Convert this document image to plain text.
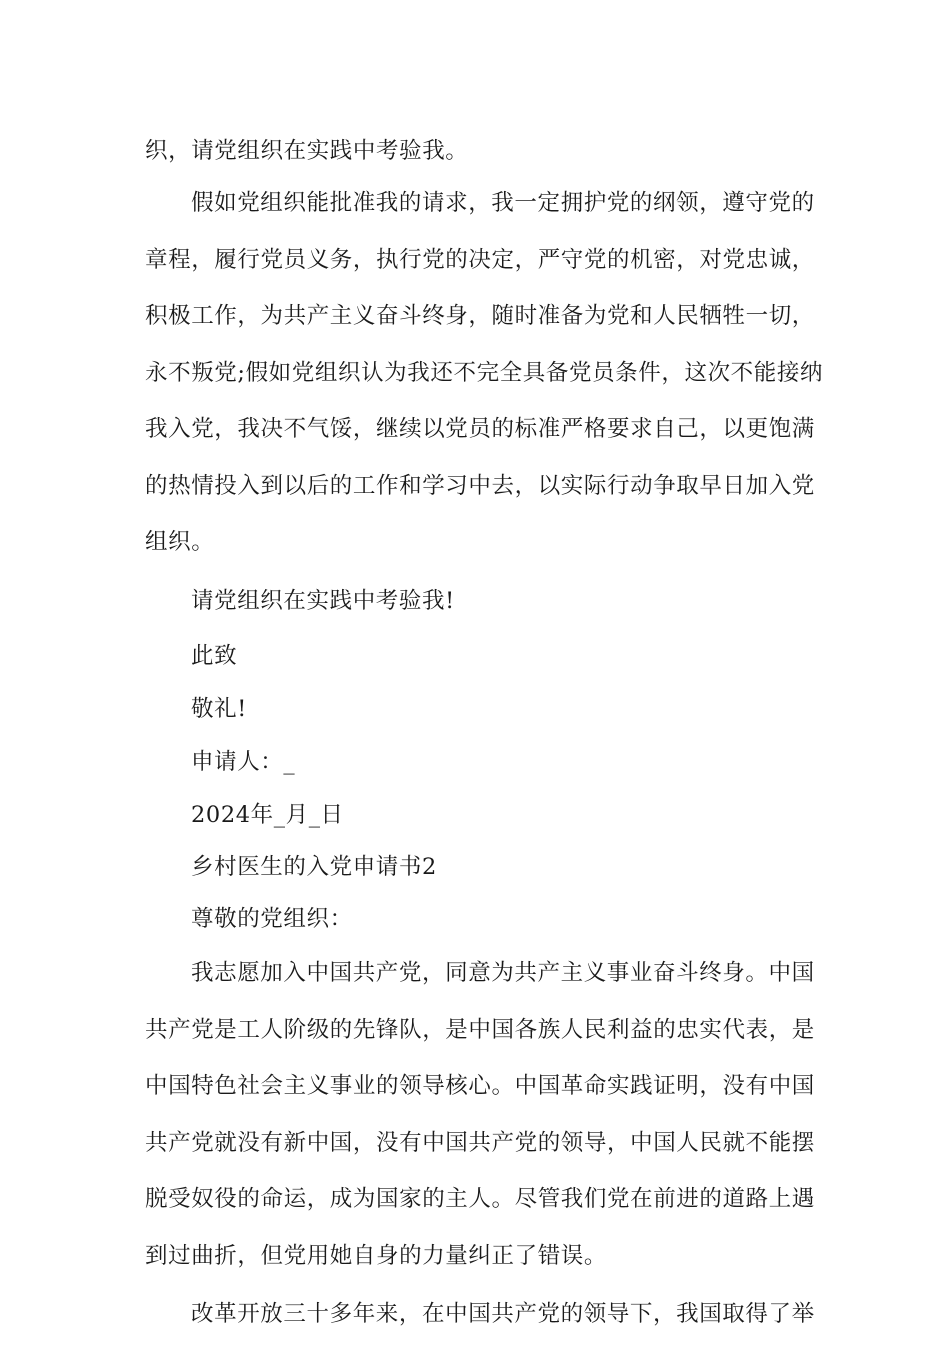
织，请党组织在实践中考验我。
假如党组织能批准我的请求，我一定拥护党的纲领，遵守党的
章程，履行党员义务，执行党的决定，严守党的机密，对党忠诚，
积极工作，为共产主义奋斗终身，随时准备为党和人民牺牲一切，
永不叛党;假如党组织认为我还不完全具备党员条件，这次不能接纳
我入党，我决不气馁，继续以党员的标准严格要求自己，以更饱满
的热情投入到以后的工作和学习中去，以实际行动争取早日加入党
组织。
请党组织在实践中考验我!
此致
敬礼!
申请人：_
2024年_月_日
乡村医生的入党申请书2
尊敬的党组织：
我志愿加入中国共产党，同意为共产主义事业奋斗终身。中国
共产党是工人阶级的先锋队，是中国各族人民利益的忠实代表，是
中国特色社会主义事业的领导核心。中国革命实践证明，没有中国
共产党就没有新中国，没有中国共产党的领导，中国人民就不能摆
脱受奴役的命运，成为国家的主人。尽管我们党在前进的道路上遇
到过曲折，但党用她自身的力量纠正了错误。
改革开放三十多年来，在中国共产党的领导下，我国取得了举
